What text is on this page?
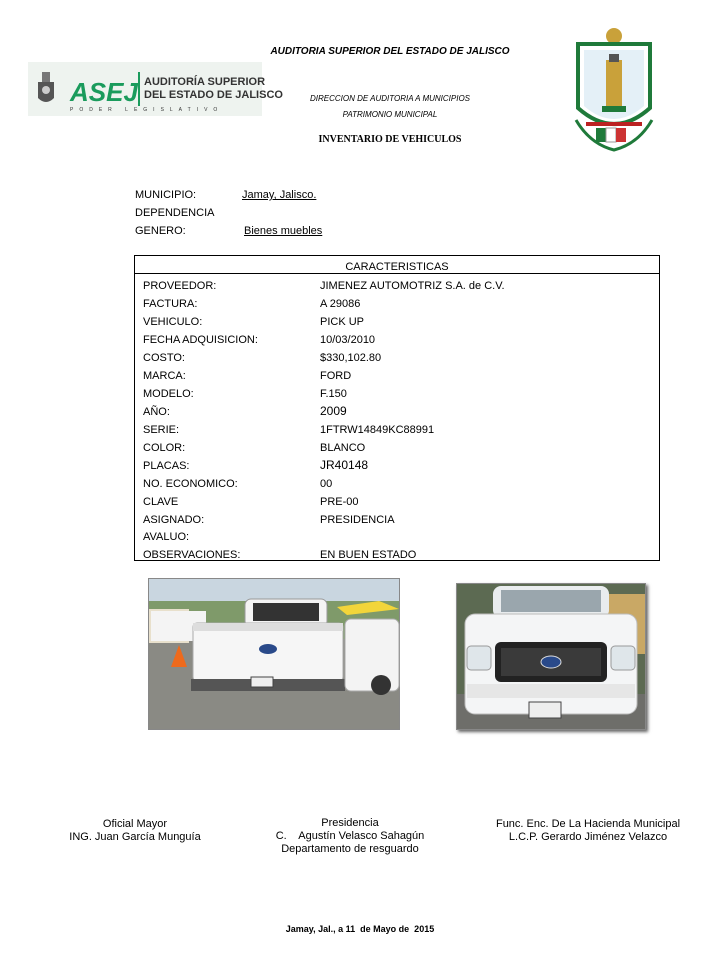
ASEJ AUDITORÍA SUPERIOR
DEL ESTADO DE JALISCO
PODER LEGISLATIVO
AUDITORIA SUPERIOR DEL ESTADO DE JALISCO
DIRECCION DE AUDITORIA A MUNICIPIOS
PATRIMONIO MUNICIPAL
INVENTARIO DE VEHICULOS
MUNICIPIO:	Jamay, Jalisco.
DEPENDENCIA
GENERO:	Bienes muebles
CARACTERISTICAS
PROVEEDOR:	JIMENEZ AUTOMOTRIZ S.A. de C.V.
FACTURA:	A 29086
VEHICULO:	PICK UP
FECHA ADQUISICION:	10/03/2010
COSTO:	$330,102.80
MARCA:	FORD
MODELO:	F.150
AÑO:	2009
SERIE:	1FTRW14849KC88991
COLOR:	BLANCO
PLACAS:	JR40148
NO. ECONOMICO:	00
CLAVE	PRE-00
ASIGNADO:	PRESIDENCIA
AVALUO:
OBSERVACIONES:	EN BUEN ESTADO
Oficial Mayor
ING. Juan García Munguía
Presidencia
C.    Agustín Velasco Sahagún
Departamento de resguardo
Func. Enc. De La Hacienda Municipal
L.C.P. Gerardo Jiménez Velazco
Jamay, Jal., a 11  de Mayo de  2015
